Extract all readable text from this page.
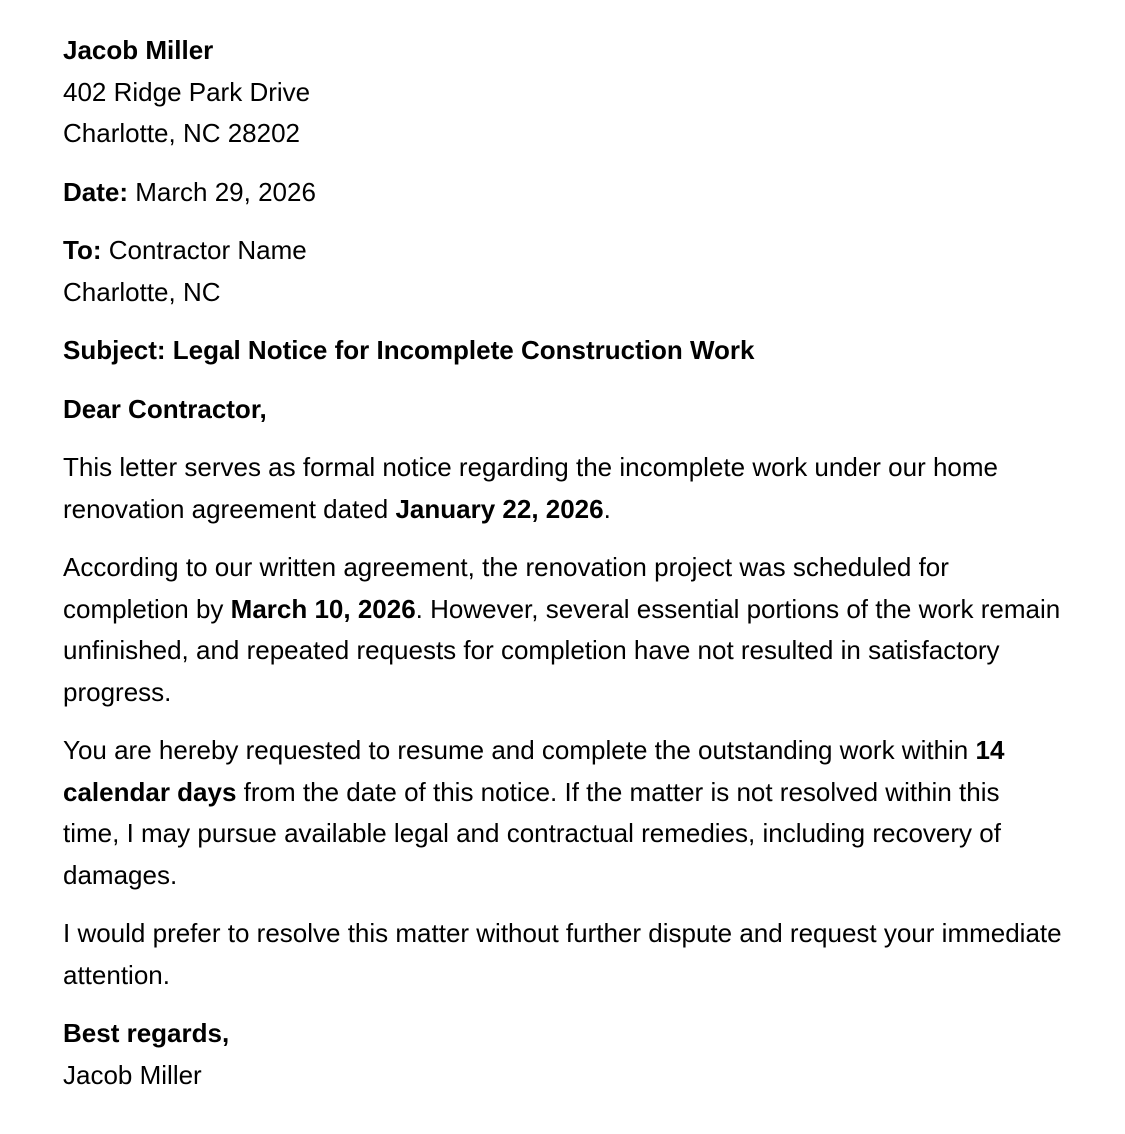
Jacob Miller

402 Ridge Park Drive

Charlotte, NC 28202

Date: March 29, 2026

To: Contractor Name

Charlotte, NC

Subject: Legal Notice for Incomplete Construction Work

Dear Contractor,

This letter serves as formal notice regarding the incomplete work under our home renovation agreement dated January 22, 2026.

According to our written agreement, the renovation project was scheduled for completion by March 10, 2026. However, several essential portions of the work remain unfinished, and repeated requests for completion have not resulted in satisfactory progress.

You are hereby requested to resume and complete the outstanding work within 14 calendar days from the date of this notice. If the matter is not resolved within this time, I may pursue available legal and contractual remedies, including recovery of damages.

I would prefer to resolve this matter without further dispute and request your immediate attention.

Best regards,

Jacob Miller
